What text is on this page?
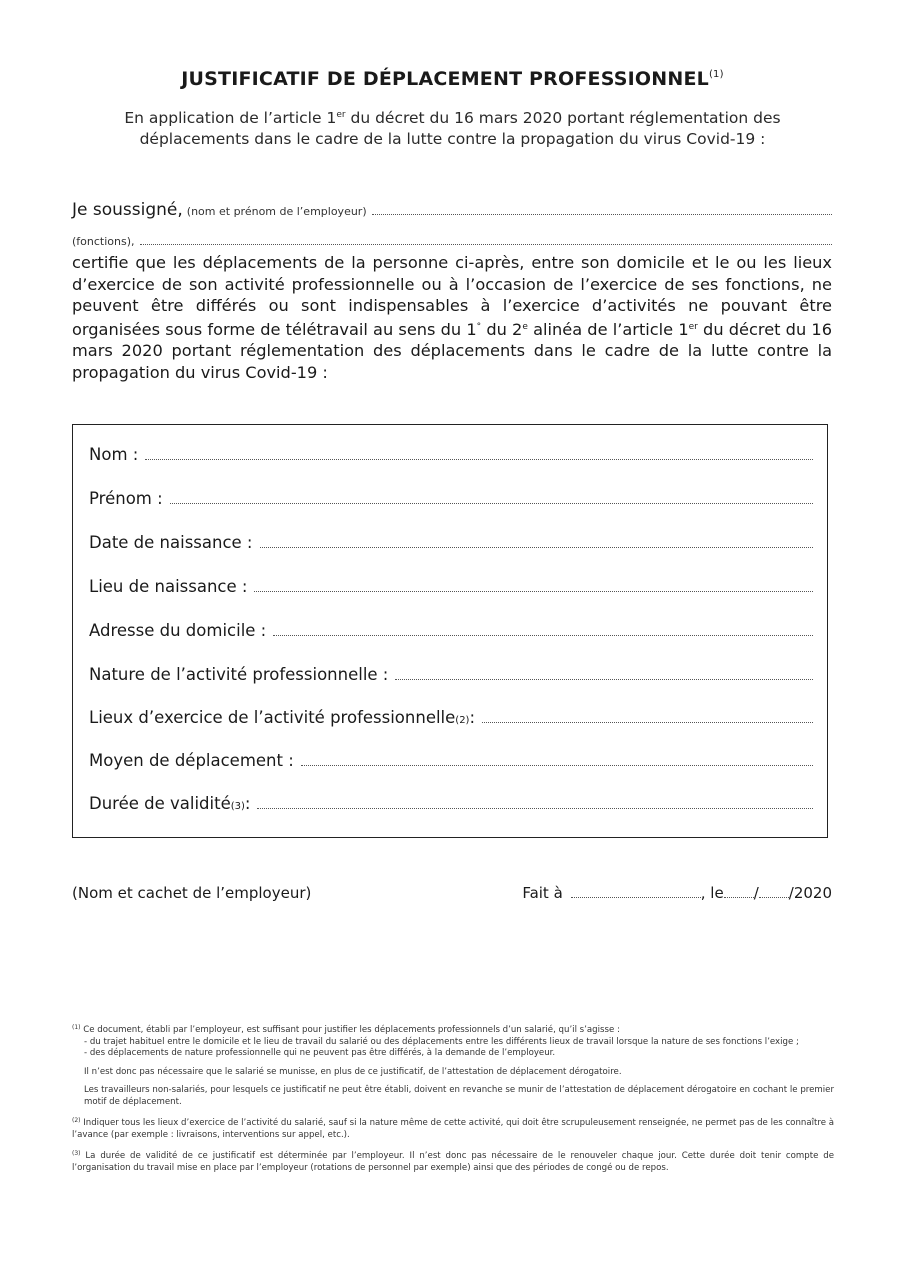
JUSTIFICATIF DE DÉPLACEMENT PROFESSIONNEL$^{(1)}$
En application de l’article 1er du décret du 16 mars 2020 portant réglementation des déplacements dans le cadre de la lutte contre la propagation du virus Covid-19 :
Je soussigné, (nom et prénom de l’employeur)
(fonctions),
certifie que les déplacements de la personne ci-après, entre son domicile et le ou les lieux d’exercice de son activité professionnelle ou à l’occasion de l’exercice de ses fonctions, ne peuvent être différés ou sont indispensables à l’exercice d’activités ne pouvant être organisées sous forme de télétravail au sens du 1° du 2e alinéa de l’article 1er du décret du 16 mars 2020 portant réglementation des déplacements dans le cadre de la lutte contre la propagation du virus Covid-19 :
Nom :
Prénom :
Date de naissance :
Lieu de naissance :
Adresse du domicile :
Nature de l’activité professionnelle :
Lieux d’exercice de l’activité professionnelle (2) :
Moyen de déplacement :
Durée de validité (3) :
(Nom et cachet de l’employeur)	Fait à	, le / /2020

$^{(1)}$ Ce document, établi par l’employeur, est suffisant pour justifier les déplacements professionnels d’un salarié, qu’il s’agisse :

- du trajet habituel entre le domicile et le lieu de travail du salarié ou des déplacements entre les différents lieux de travail lorsque la nature de ses fonctions l’exige ;

- des déplacements de nature professionnelle qui ne peuvent pas être différés, à la demande de l’employeur.

Il n’est donc pas nécessaire que le salarié se munisse, en plus de ce justificatif, de l’attestation de déplacement dérogatoire.

Les travailleurs non-salariés, pour lesquels ce justificatif ne peut être établi, doivent en revanche se munir de l’attestation de déplacement dérogatoire en cochant le premier motif de déplacement.

$^{(2)}$ Indiquer tous les lieux d’exercice de l’activité du salarié, sauf si la nature même de cette activité, qui doit être scrupuleusement renseignée, ne permet pas de les connaître à l’avance (par exemple : livraisons, interventions sur appel, etc.).

$^{(3)}$ La durée de validité de ce justificatif est déterminée par l’employeur. Il n’est donc pas nécessaire de le renouveler chaque jour. Cette durée doit tenir compte de l’organisation du travail mise en place par l’employeur (rotations de personnel par exemple) ainsi que des périodes de congé ou de repos.
